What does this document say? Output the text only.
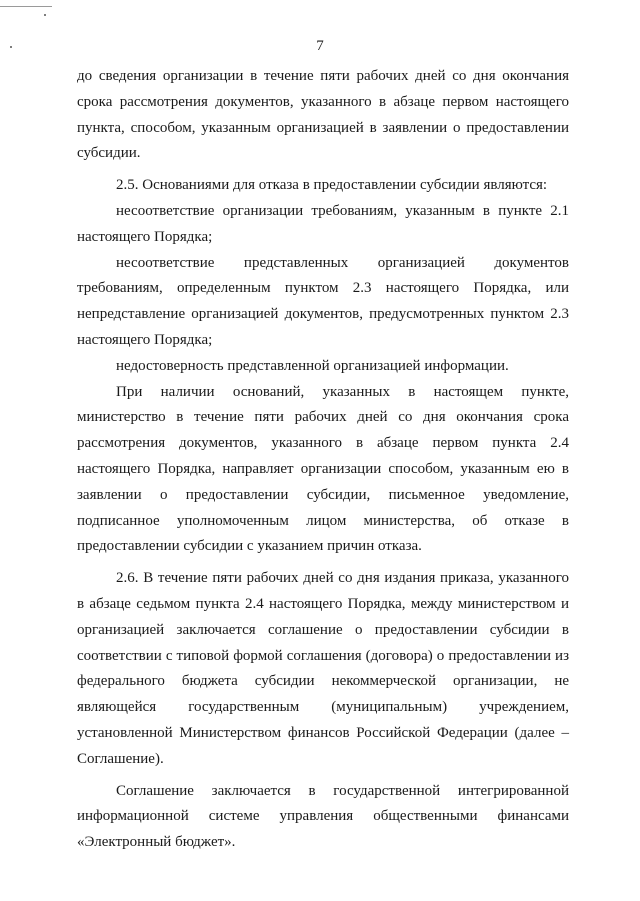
7

до сведения организации в течение пяти рабочих дней со дня окончания срока рассмотрения документов, указанного в абзаце первом настоящего пункта, способом, указанным организацией в заявлении о предоставлении субсидии.

2.5. Основаниями для отказа в предоставлении субсидии являются:

несоответствие организации требованиям, указанным в пункте 2.1 настоящего Порядка;

несоответствие представленных организацией документов требованиям, определенным пунктом 2.3 настоящего Порядка, или непредставление организацией документов, предусмотренных пунктом 2.3 настоящего Порядка;

недостоверность представленной организацией информации.

При наличии оснований, указанных в настоящем пункте, министерство в течение пяти рабочих дней со дня окончания срока рассмотрения документов, указанного в абзаце первом пункта 2.4 настоящего Порядка, направляет организации способом, указанным ею в заявлении о предоставлении субсидии, письменное уведомление, подписанное уполномоченным лицом министерства, об отказе в предоставлении субсидии с указанием причин отказа.

2.6. В течение пяти рабочих дней со дня издания приказа, указанного в абзаце седьмом пункта 2.4 настоящего Порядка, между министерством и организацией заключается соглашение о предоставлении субсидии в соответствии с типовой формой соглашения (договора) о предоставлении из федерального бюджета субсидии некоммерческой организации, не являющейся государственным (муниципальным) учреждением, установленной Министерством финансов Российской Федерации (далее – Соглашение).

Соглашение заключается в государственной интегрированной информационной системе управления общественными финансами «Электронный бюджет».
